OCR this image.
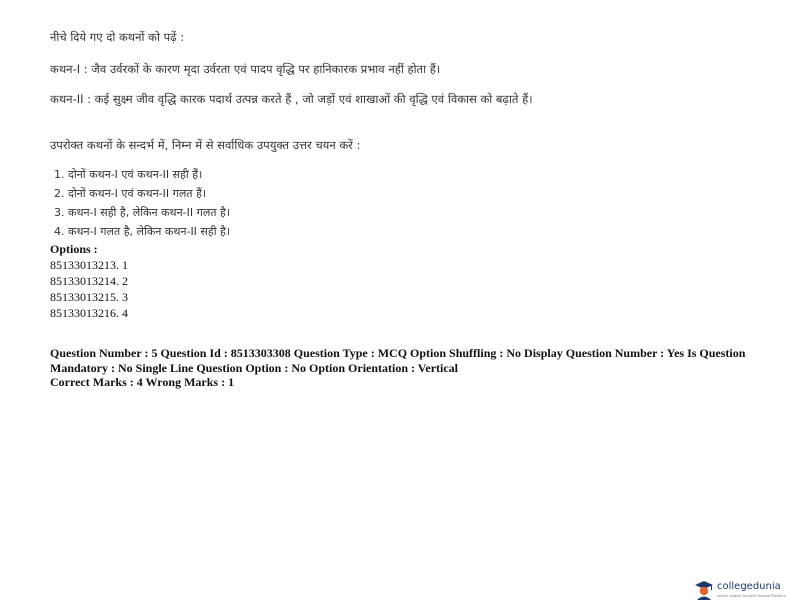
नीचे दिये गए दो कथनों को पढ़ें :
कथन-I : जैव उर्वरकों के कारण मृदा उर्वरता एवं पादप वृद्धि पर हानिकारक प्रभाव नहीं होता हैं।
कथन-II : कई सुक्ष्म जीव वृद्धि कारक पदार्थ उत्पन्न करते हैं , जो जड़ों एवं शाखाओं की वृद्धि एवं विकास को बढ़ाते हैं।
उपरोक्त कथनों के सन्दर्भ में, निम्न में से सर्वाधिक उपयुक्त उत्तर चयन करें :
1. दोनों कथन-I एवं कथन-II सही हैं।
2. दोनों कथन-I एवं कथन-II गलत हैं।
3. कथन-I सही है, लेकिन कथन-II गलत है।
4. कथन-I गलत है, लेकिन कथन-II सही है।
Options :
85133013213. 1
85133013214. 2
85133013215. 3
85133013216. 4
Question Number : 5 Question Id : 8513303308 Question Type : MCQ Option Shuffling : No Display Question Number : Yes Is Question Mandatory : No Single Line Question Option : No Option Orientation : Vertical
Correct Marks : 4 Wrong Marks : 1
collegedunia
India's largest Student Review Platform
